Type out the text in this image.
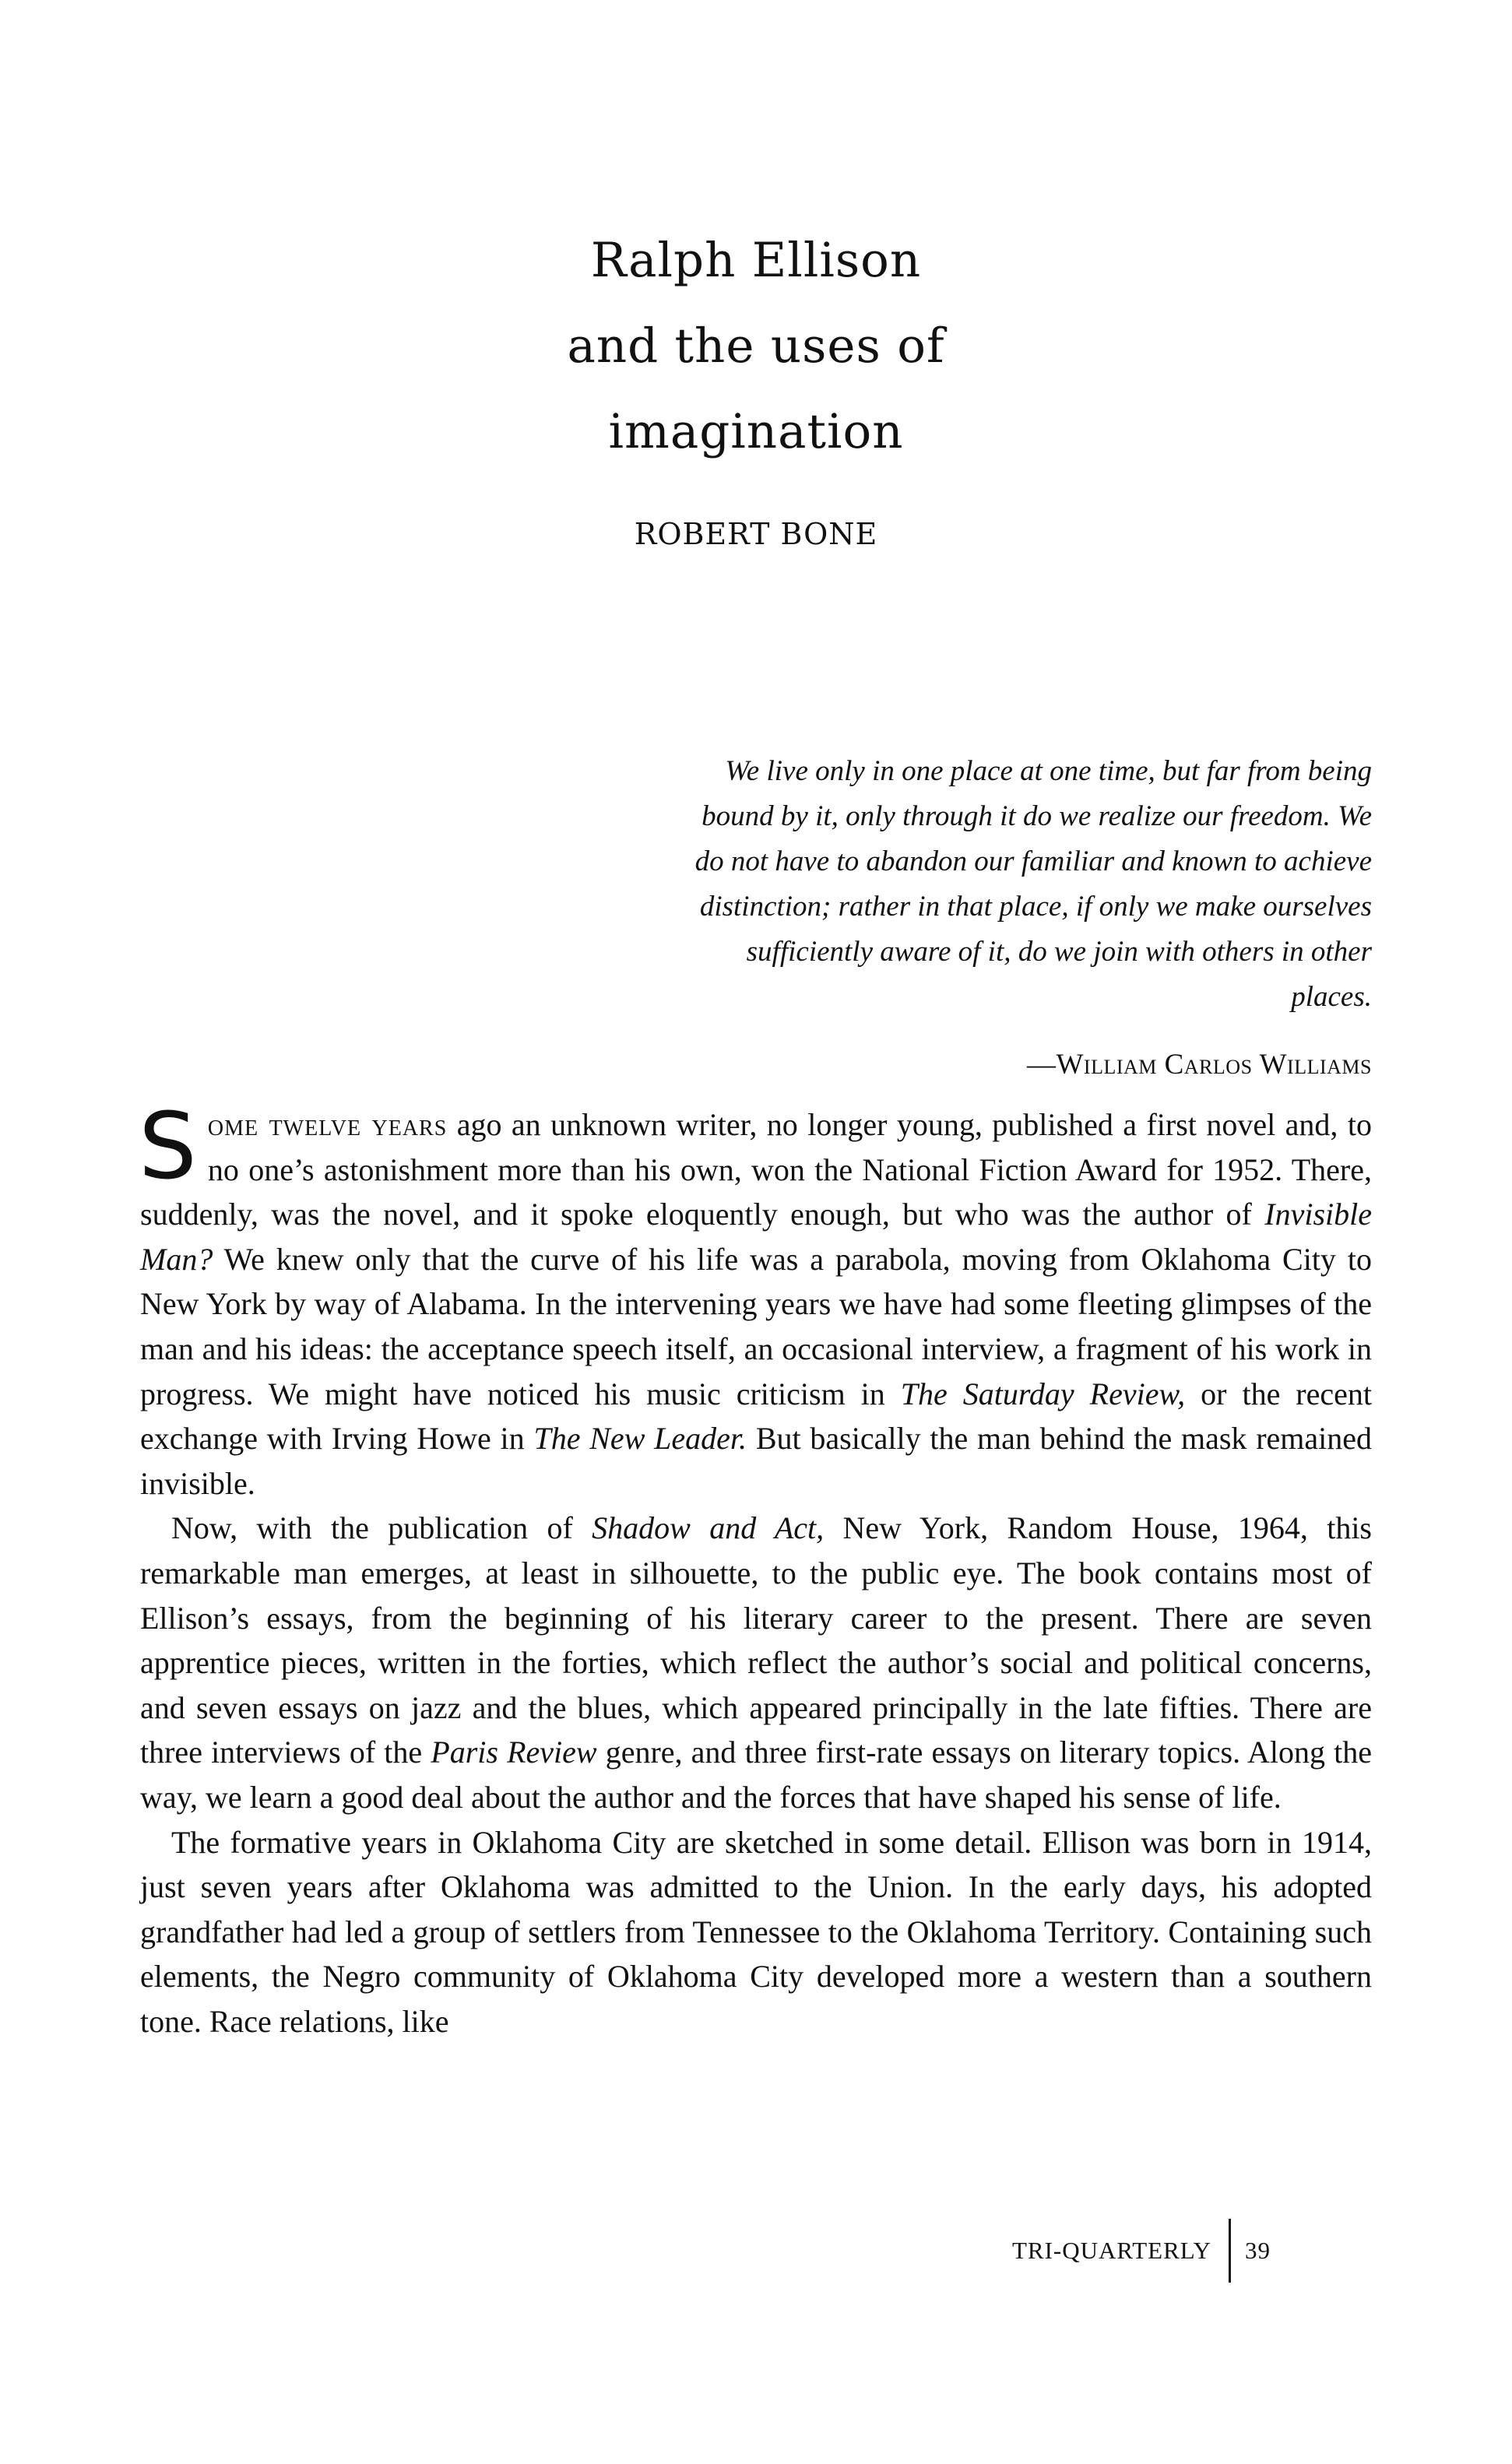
Ralph Ellison
and the uses of
imagination
ROBERT BONE
We live only in one place at one time, but far from being bound by it, only through it do we realize our freedom. We do not have to abandon our familiar and known to achieve distinction; rather in that place, if only we make ourselves sufficiently aware of it, do we join with others in other places.
—William Carlos Williams

Some twelve years ago an unknown writer, no longer young, published a first novel and, to no one’s astonishment more than his own, won the National Fiction Award for 1952. There, suddenly, was the novel, and it spoke eloquently enough, but who was the author of Invisible Man? We knew only that the curve of his life was a parabola, moving from Oklahoma City to New York by way of Alabama. In the intervening years we have had some fleeting glimpses of the man and his ideas: the acceptance speech itself, an occasional interview, a fragment of his work in progress. We might have noticed his music criticism in The Saturday Review, or the recent exchange with Irving Howe in The New Leader. But basically the man behind the mask remained invisible.

Now, with the publication of Shadow and Act, New York, Random House, 1964, this remarkable man emerges, at least in silhouette, to the public eye. The book contains most of Ellison’s essays, from the beginning of his literary career to the present. There are seven apprentice pieces, written in the forties, which reflect the author’s social and political concerns, and seven essays on jazz and the blues, which appeared principally in the late fifties. There are three interviews of the Paris Review genre, and three first-rate essays on literary topics. Along the way, we learn a good deal about the author and the forces that have shaped his sense of life.

The formative years in Oklahoma City are sketched in some detail. Ellison was born in 1914, just seven years after Oklahoma was admitted to the Union. In the early days, his adopted grandfather had led a group of settlers from Tennessee to the Oklahoma Territory. Containing such elements, the Negro community of Oklahoma City developed more a western than a southern tone. Race relations, like

TRI-QUARTERLY 39
